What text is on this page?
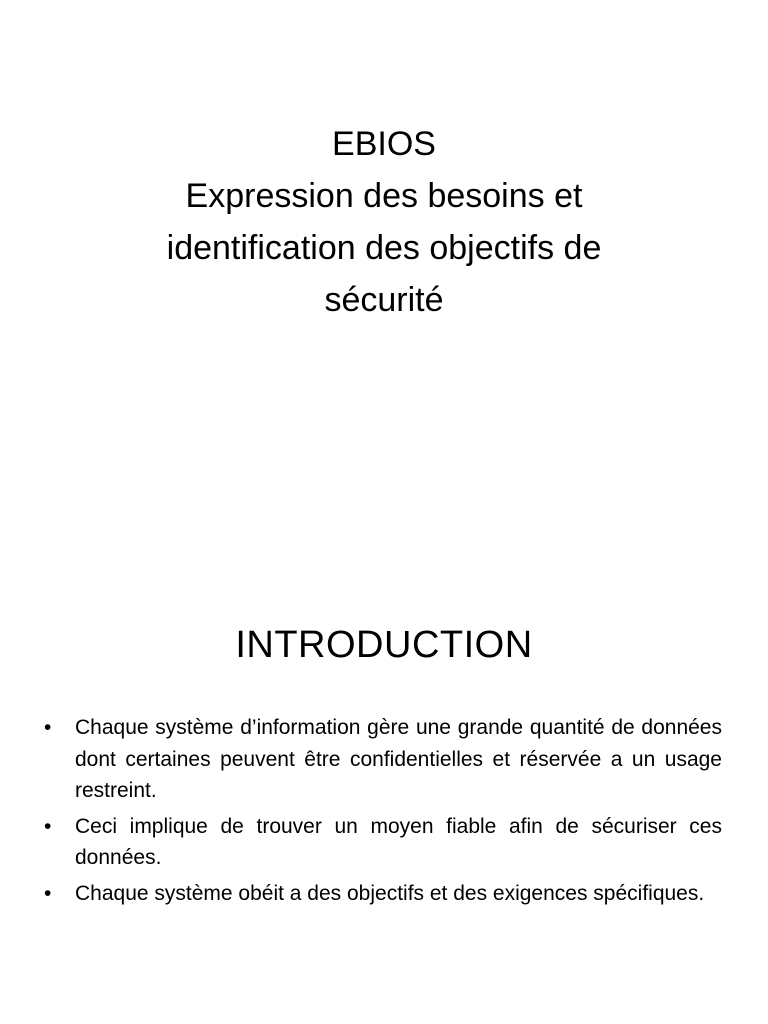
EBIOS
Expression des besoins et
identification des objectifs de
sécurité
INTRODUCTION
• Chaque système d’information gère une grande quantité de données dont certaines peuvent être confidentielles et réservée a un usage restreint.
• Ceci implique de trouver un moyen fiable afin de sécuriser ces données.
• Chaque système obéit a des objectifs et des exigences spécifiques.
